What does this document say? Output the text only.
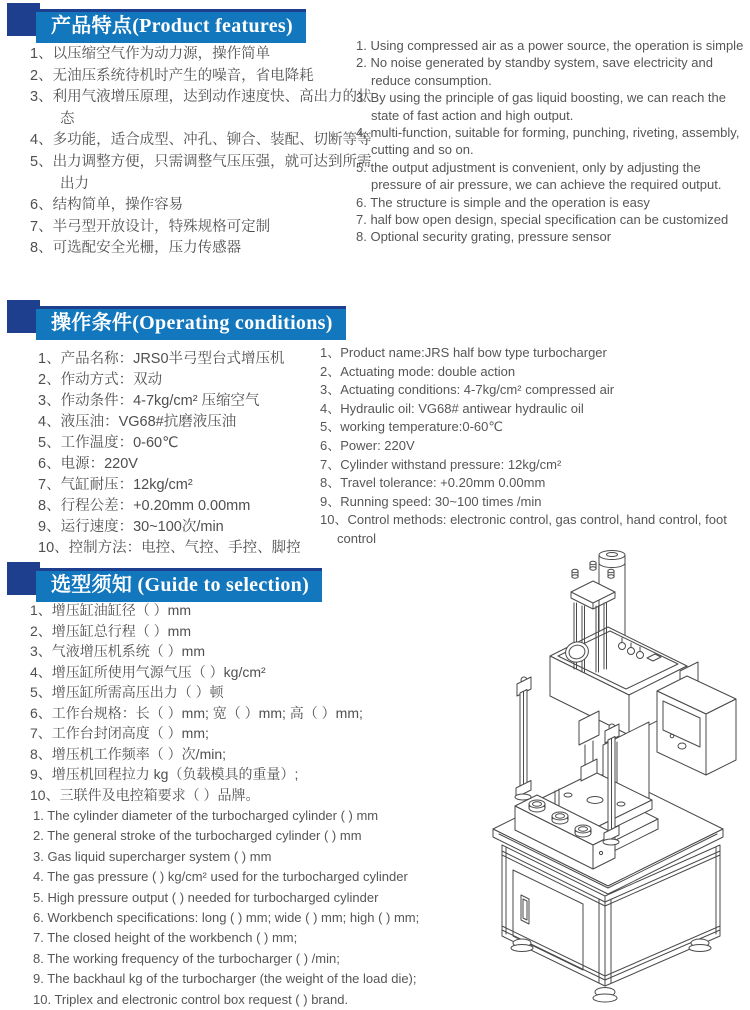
产品特点(Product features)
1、以压缩空气作为动力源，操作简单
2、无油压系统待机时产生的噪音，省电降耗
3、利用气液增压原理，达到动作速度快、高出力的状态
4、多功能，适合成型、冲孔、铆合、装配、切断等等
5、出力调整方便，只需调整气压压强，就可达到所需出力
6、结构简单，操作容易
7、半弓型开放设计，特殊规格可定制
8、可选配安全光栅，压力传感器
1. Using compressed air as a power source, the operation is simple
2. No noise generated by standby system, save electricity and reduce consumption.
3. By using the principle of gas liquid boosting, we can reach the state of fast action and high output.
4, multi-function, suitable for forming, punching, riveting, assembly, cutting and so on.
5. the output adjustment is convenient, only by adjusting the pressure of air pressure, we can achieve the required output.
6. The structure is simple and the operation is easy
7. half bow open design, special specification can be customized
8. Optional security grating, pressure sensor
操作条件(Operating conditions)
1、产品名称：JRS0半弓型台式增压机
2、作动方式：双动
3、作动条件：4-7kg/cm² 压缩空气
4、液压油：VG68#抗磨液压油
5、工作温度：0-60℃
6、电源：220V
7、气缸耐压：12kg/cm²
8、行程公差：+0.20mm 0.00mm
9、运行速度：30~100次/min
10、控制方法：电控、气控、手控、脚控
1、Product name:JRS half bow type turbocharger
2、Actuating mode: double action
3、Actuating conditions: 4-7kg/cm² compressed air
4、Hydraulic oil: VG68# antiwear hydraulic oil
5、working temperature:0-60℃
6、Power: 220V
7、Cylinder withstand pressure: 12kg/cm²
8、Travel tolerance: +0.20mm 0.00mm
9、Running speed: 30~100 times /min
10、Control methods: electronic control, gas control, hand control, foot control
选型须知 (Guide to selection)
1、增压缸油缸径（ ）mm
2、增压缸总行程（ ）mm
3、气液增压机系统（ ）mm
4、增压缸所使用气源气压（ ）kg/cm²
5、增压缸所需高压出力（ ）顿
6、工作台规格：长（ ）mm; 宽（ ）mm; 高（ ）mm;
7、工作台封闭高度（ ）mm;
8、增压机工作频率（ ）次/min;
9、增压机回程拉力 kg（负载模具的重量）;
10、三联件及电控箱要求（ ）品牌。
1. The cylinder diameter of the turbocharged cylinder ( ) mm
2. The general stroke of the turbocharged cylinder ( ) mm
3. Gas liquid supercharger system ( ) mm
4. The gas pressure ( ) kg/cm² used for the turbocharged cylinder
5. High pressure output ( ) needed for turbocharged cylinder
6. Workbench specifications: long ( ) mm; wide ( ) mm; high ( ) mm;
7. The closed height of the workbench ( ) mm;
8. The working frequency of the turbocharger ( ) /min;
9. The backhaul kg of the turbocharger (the weight of the load die);
10. Triplex and electronic control box request ( ) brand.
